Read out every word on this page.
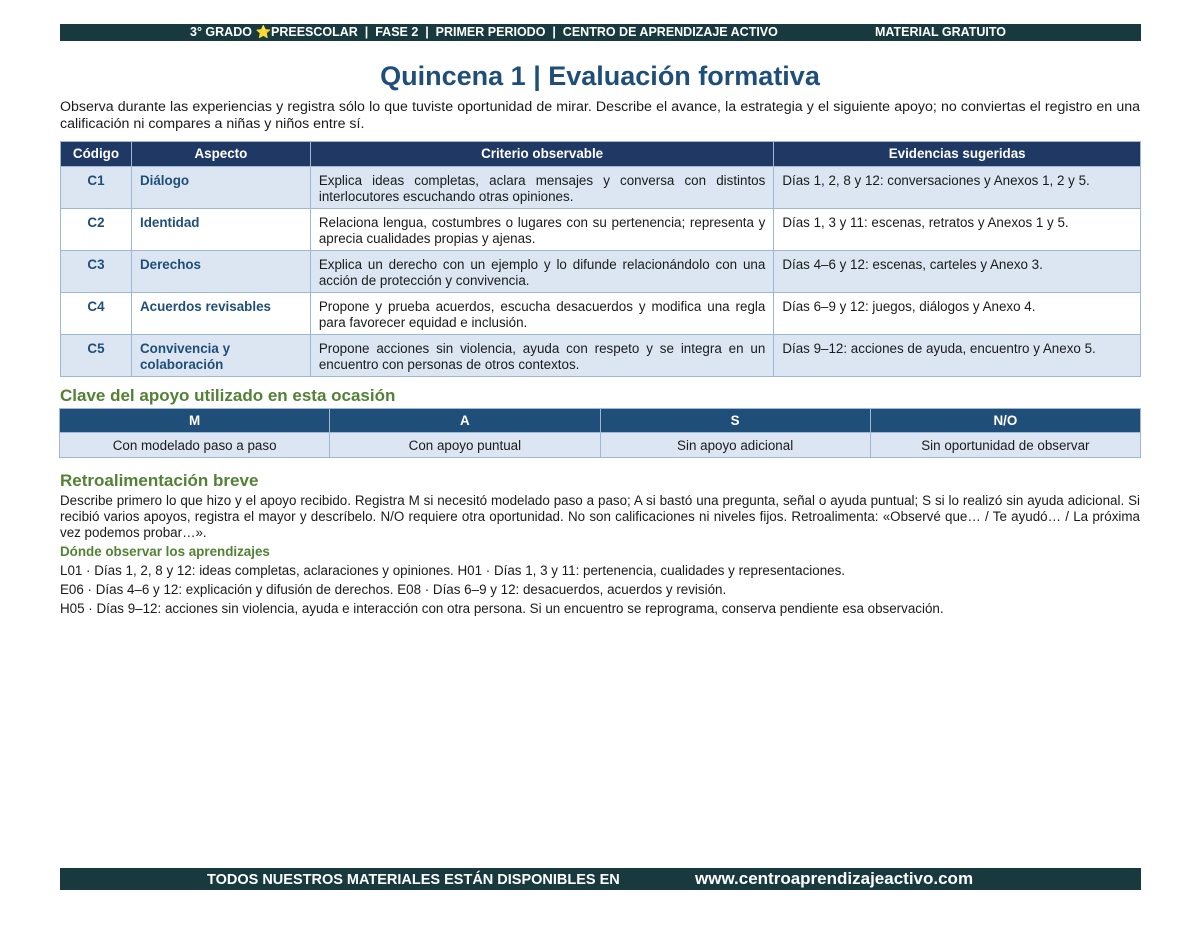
3° GRADO ⭐PREESCOLAR  |  FASE 2  |  PRIMER PERIODO  |  CENTRO DE APRENDIZAJE ACTIVO	MATERIAL GRATUITO
Quincena 1 | Evaluación formativa
Observa durante las experiencias y registra sólo lo que tuviste oportunidad de mirar. Describe el avance, la estrategia y el siguiente apoyo; no conviertas el registro en una calificación ni compares a niñas y niños entre sí.
Código	Aspecto	Criterio observable	Evidencias sugeridas
C1	Diálogo	Explica ideas completas, aclara mensajes y conversa con distintos interlocutores escuchando otras opiniones.	Días 1, 2, 8 y 12: conversaciones y Anexos 1, 2 y 5.
C2	Identidad	Relaciona lengua, costumbres o lugares con su pertenencia; representa y aprecia cualidades propias y ajenas.	Días 1, 3 y 11: escenas, retratos y Anexos 1 y 5.
C3	Derechos	Explica un derecho con un ejemplo y lo difunde relacionándolo con una acción de protección y convivencia.	Días 4–6 y 12: escenas, carteles y Anexo 3.
C4	Acuerdos revisables	Propone y prueba acuerdos, escucha desacuerdos y modifica una regla para favorecer equidad e inclusión.	Días 6–9 y 12: juegos, diálogos y Anexo 4.
C5	Convivencia y colaboración	Propone acciones sin violencia, ayuda con respeto y se integra en un encuentro con personas de otros contextos.	Días 9–12: acciones de ayuda, encuentro y Anexo 5.
Clave del apoyo utilizado en esta ocasión
M	A	S	N/O
Con modelado paso a paso	Con apoyo puntual	Sin apoyo adicional	Sin oportunidad de observar
Retroalimentación breve
Describe primero lo que hizo y el apoyo recibido. Registra M si necesitó modelado paso a paso; A si bastó una pregunta, señal o ayuda puntual; S si lo realizó sin ayuda adicional. Si recibió varios apoyos, registra el mayor y descríbelo. N/O requiere otra oportunidad. No son calificaciones ni niveles fijos. Retroalimenta: «Observé que… / Te ayudó… / La próxima vez podemos probar…».
Dónde observar los aprendizajes
L01 · Días 1, 2, 8 y 12: ideas completas, aclaraciones y opiniones. H01 · Días 1, 3 y 11: pertenencia, cualidades y representaciones.
E06 · Días 4–6 y 12: explicación y difusión de derechos. E08 · Días 6–9 y 12: desacuerdos, acuerdos y revisión.
H05 · Días 9–12: acciones sin violencia, ayuda e interacción con otra persona. Si un encuentro se reprograma, conserva pendiente esa observación.
TODOS NUESTROS MATERIALES ESTÁN DISPONIBLES EN	www.centroaprendizajeactivo.com
